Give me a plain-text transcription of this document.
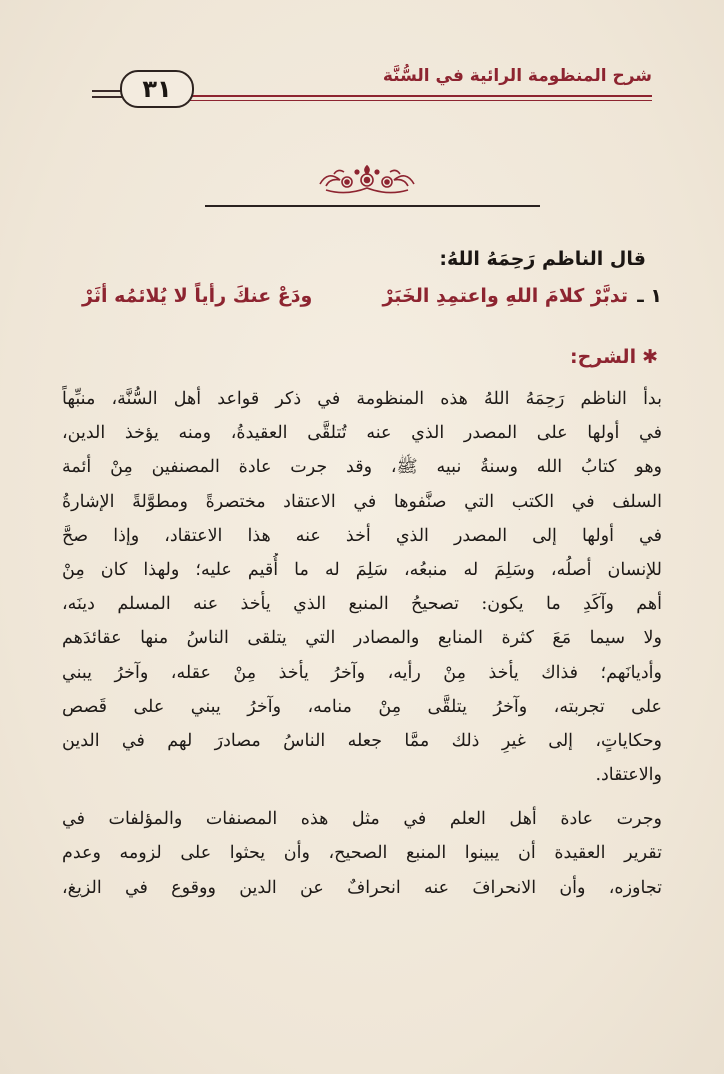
٣١	شرح المنظومة الرائية في السُّنَّة
قال الناظم رَحِمَهُ اللهُ:
١ ـ
تدبَّرْ كلامَ اللهِ واعتمِدِ الخَبَرْ
ودَعْ عنكَ رأياً لا يُلائمُه أثَرْ
✱الشرح:
بدأ الناظم رَحِمَهُ اللهُ هذه المنظومة في ذكر قواعد أهل السُّنَّة، منبِّهاً
في أولها على المصدر الذي عنه تُتلقَّى العقيدةُ، ومنه يؤخذ الدين،
وهو كتابُ الله وسنةُ نبيه ﷺ، وقد جرت عادة المصنفين مِنْ أئمة
السلف في الكتب التي صنَّفوها في الاعتقاد مختصرةً ومطوَّلةً الإشارةُ
في أولها إلى المصدر الذي أخذ عنه هذا الاعتقاد، وإذا صحَّ
للإنسان أصلُه، وسَلِمَ له منبعُه، سَلِمَ له ما أُقيم عليه؛ ولهذا كان مِنْ
أهم وآكَدِ ما يكون: تصحيحُ المنبع الذي يأخذ عنه المسلم دينَه،
ولا سيما مَعَ كثرة المنابع والمصادر التي يتلقى الناسُ منها عقائدَهم
وأديانَهم؛ فذاك يأخذ مِنْ رأيه، وآخرُ يأخذ مِنْ عقله، وآخرُ يبني
على تجربته، وآخرُ يتلقَّى مِنْ منامه، وآخرُ يبني على قَصص
وحكاياتٍ، إلى غيرِ ذلك ممَّا جعله الناسُ مصادرَ لهم في الدين
والاعتقاد.
وجرت عادة أهل العلم في مثل هذه المصنفات والمؤلفات في
تقرير العقيدة أن يبينوا المنبع الصحيح، وأن يحثوا على لزومه وعدم
تجاوزه، وأن الانحرافَ عنه انحرافٌ عن الدين ووقوع في الزيغ،
